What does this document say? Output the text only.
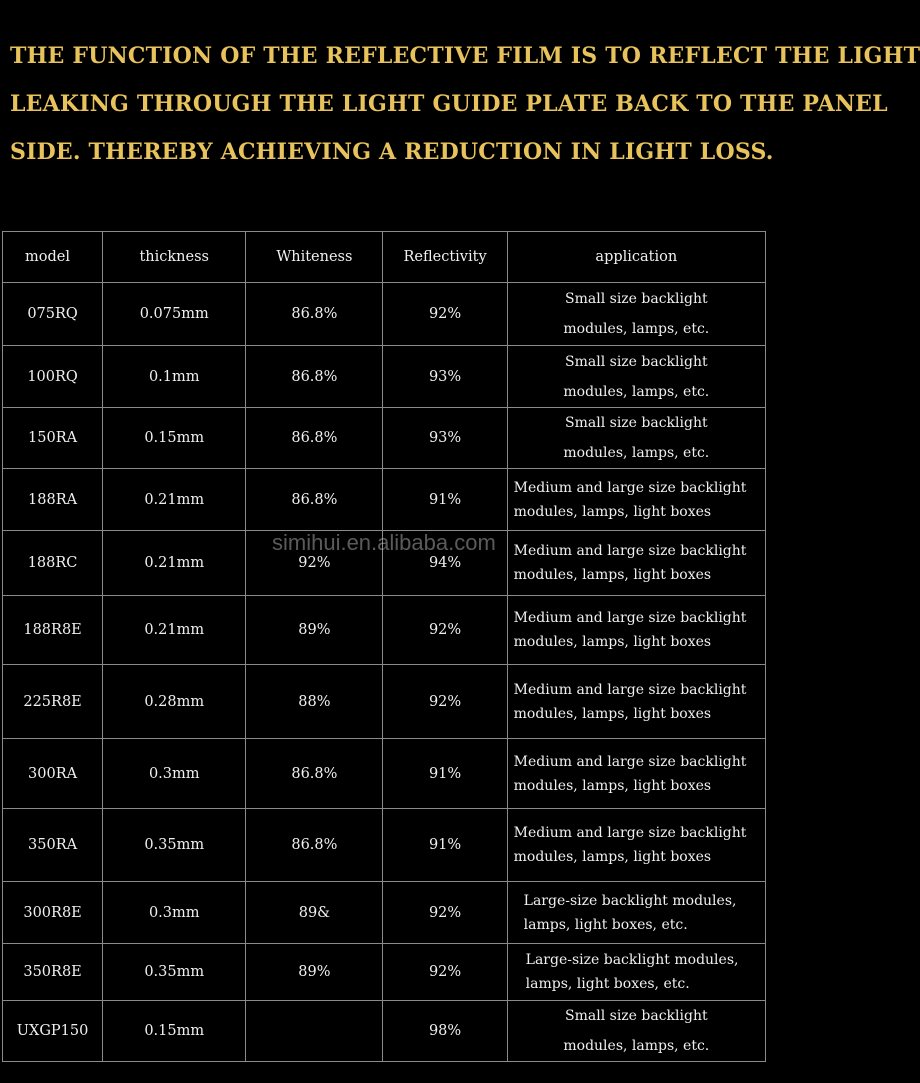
THE FUNCTION OF THE REFLECTIVE FILM IS TO REFLECT THE LIGHT
LEAKING THROUGH THE LIGHT GUIDE PLATE BACK TO THE PANEL
SIDE. THEREBY ACHIEVING A REDUCTION IN LIGHT LOSS.
model	thickness	Whiteness	Reflectivity	application
075RQ	0.075mm	86.8%	92%	Small size backlight
modules, lamps, etc.

100RQ	0.1mm	86.8%	93%	Small size backlight
modules, lamps, etc.

150RA	0.15mm	86.8%	93%	Small size backlight
modules, lamps, etc.

188RA	0.21mm	86.8%	91%	Medium and large size backlight
modules, lamps, light boxes

188RC	0.21mm	92%	94%	Medium and large size backlight
modules, lamps, light boxes

188R8E	0.21mm	89%	92%	Medium and large size backlight
modules, lamps, light boxes

225R8E	0.28mm	88%	92%	Medium and large size backlight
modules, lamps, light boxes

300RA	0.3mm	86.8%	91%	Medium and large size backlight
modules, lamps, light boxes

350RA	0.35mm	86.8%	91%	Medium and large size backlight
modules, lamps, light boxes

300R8E	0.3mm	89&	92%	Large-size backlight modules,
lamps, light boxes, etc.

350R8E	0.35mm	89%	92%	Large-size backlight modules,
lamps, light boxes, etc.

UXGP150	0.15mm		98%	Small size backlight
modules, lamps, etc.
simihui.en.alibaba.com
